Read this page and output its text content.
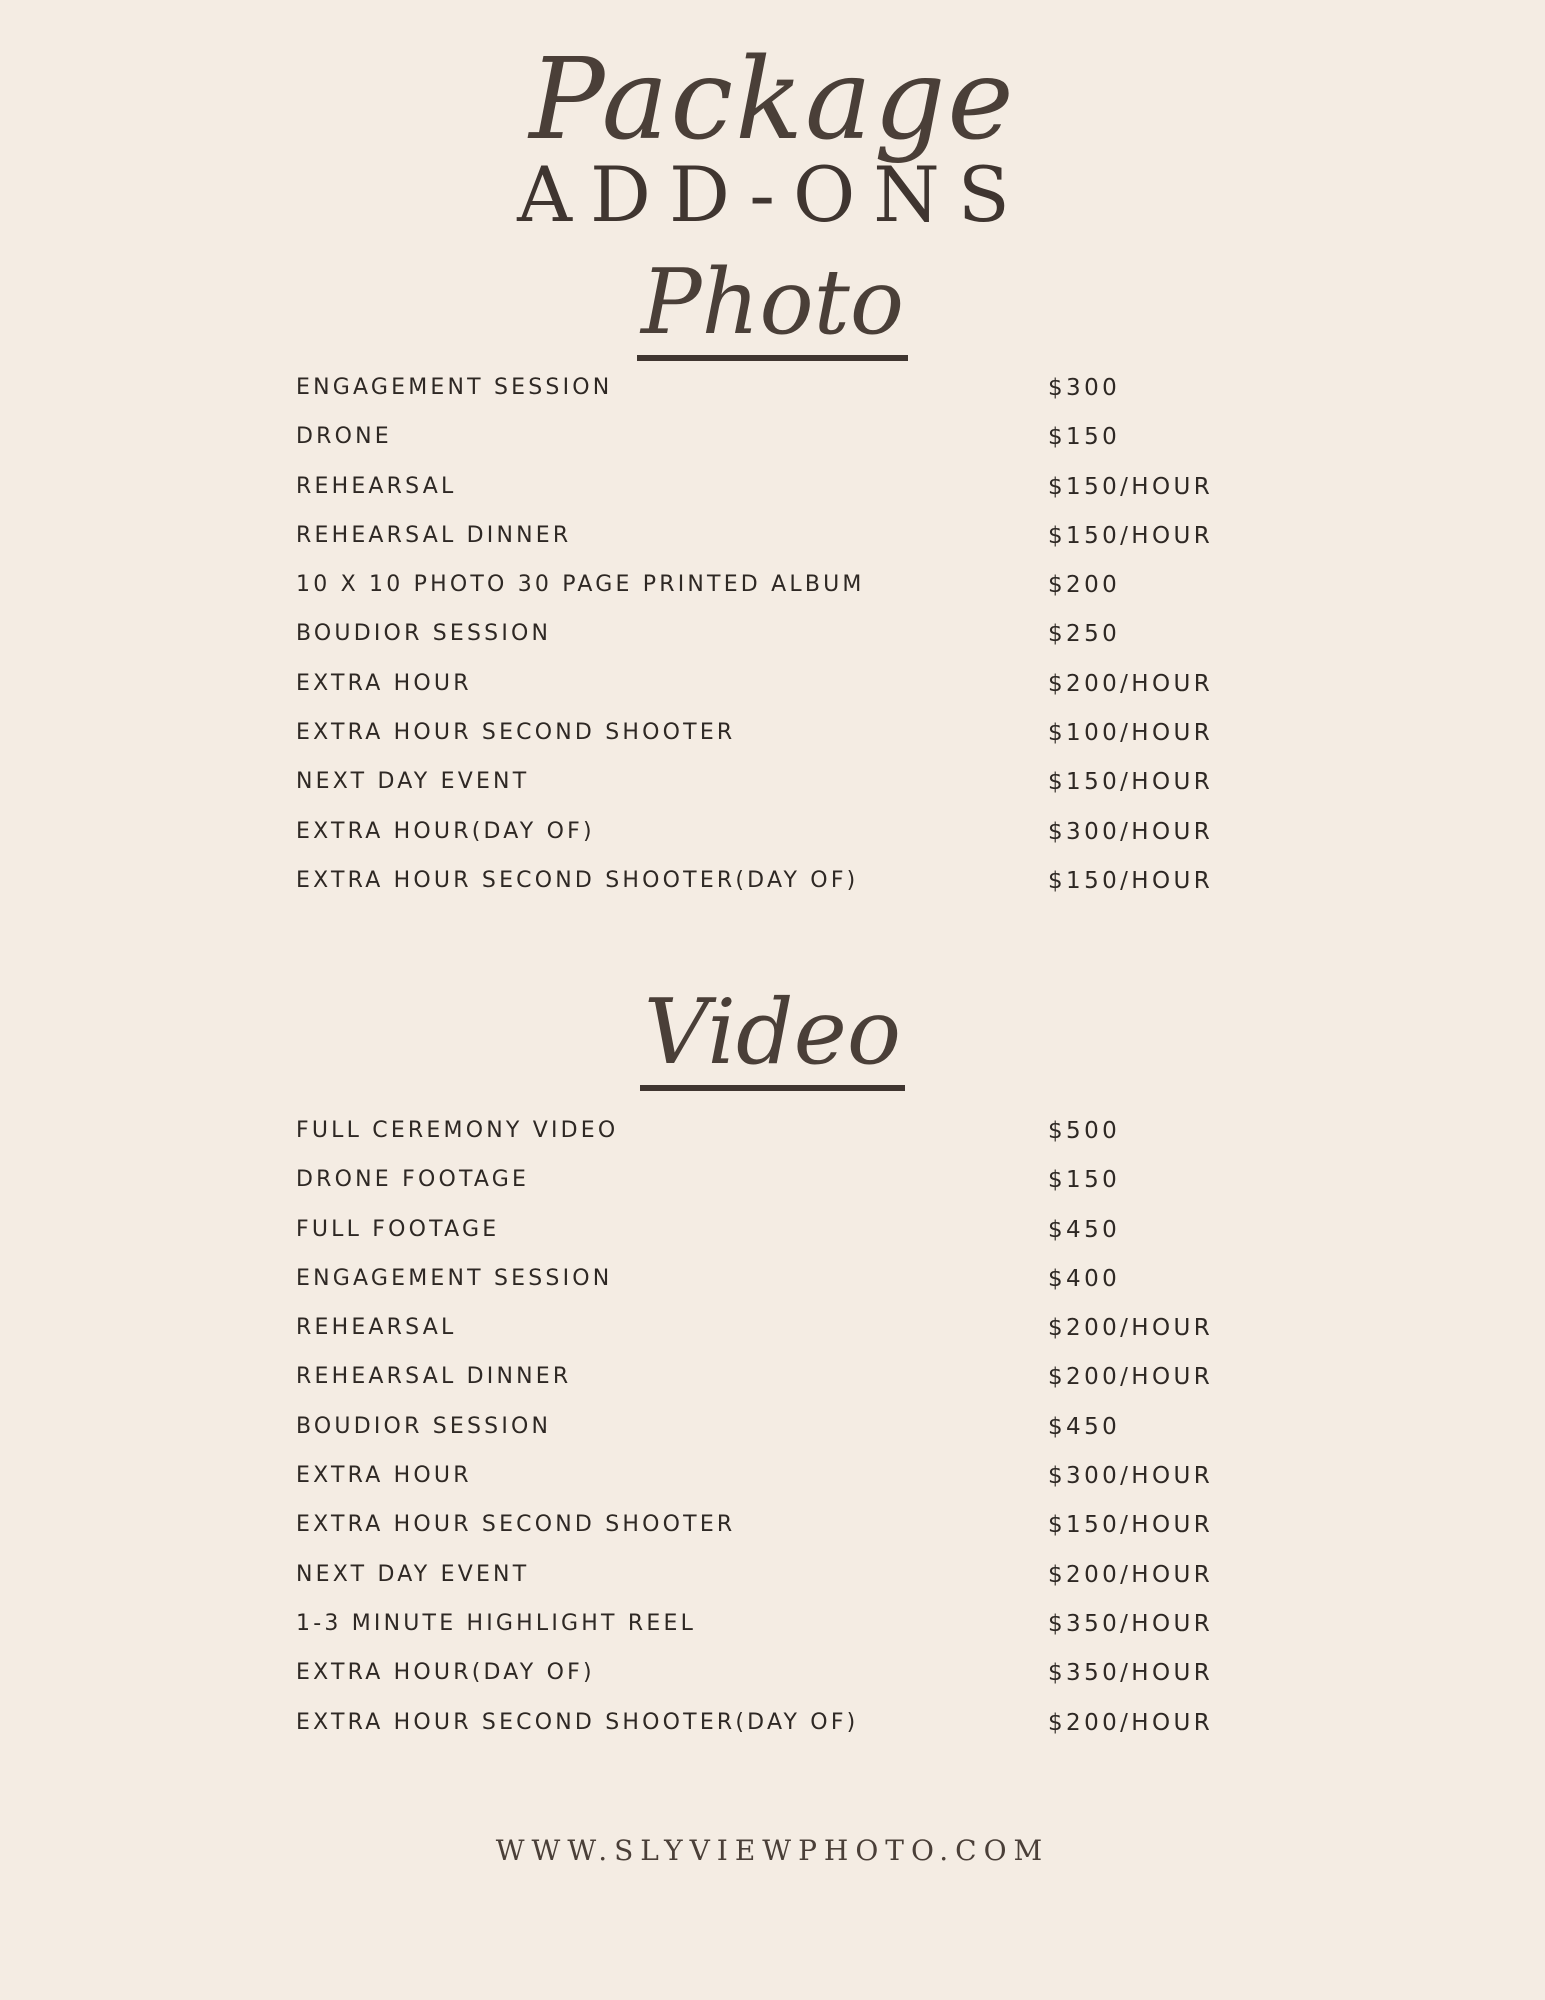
Package
ADD-ONS
Photo
ENGAGEMENT SESSION	$300
DRONE	$150
REHEARSAL	$150/HOUR
REHEARSAL DINNER	$150/HOUR
10 X 10 PHOTO 30 PAGE PRINTED ALBUM	$200
BOUDIOR SESSION	$250
EXTRA HOUR	$200/HOUR
EXTRA HOUR SECOND SHOOTER	$100/HOUR
NEXT DAY EVENT	$150/HOUR
EXTRA HOUR(DAY OF)	$300/HOUR
EXTRA HOUR SECOND SHOOTER(DAY OF)	$150/HOUR
Video
FULL CEREMONY VIDEO	$500
DRONE FOOTAGE	$150
FULL FOOTAGE	$450
ENGAGEMENT SESSION	$400
REHEARSAL	$200/HOUR
REHEARSAL DINNER	$200/HOUR
BOUDIOR SESSION	$450
EXTRA HOUR	$300/HOUR
EXTRA HOUR SECOND SHOOTER	$150/HOUR
NEXT DAY EVENT	$200/HOUR
1-3 MINUTE HIGHLIGHT REEL	$350/HOUR
EXTRA HOUR(DAY OF)	$350/HOUR
EXTRA HOUR SECOND SHOOTER(DAY OF)	$200/HOUR

WWW.SLYVIEWPHOTO.COM
